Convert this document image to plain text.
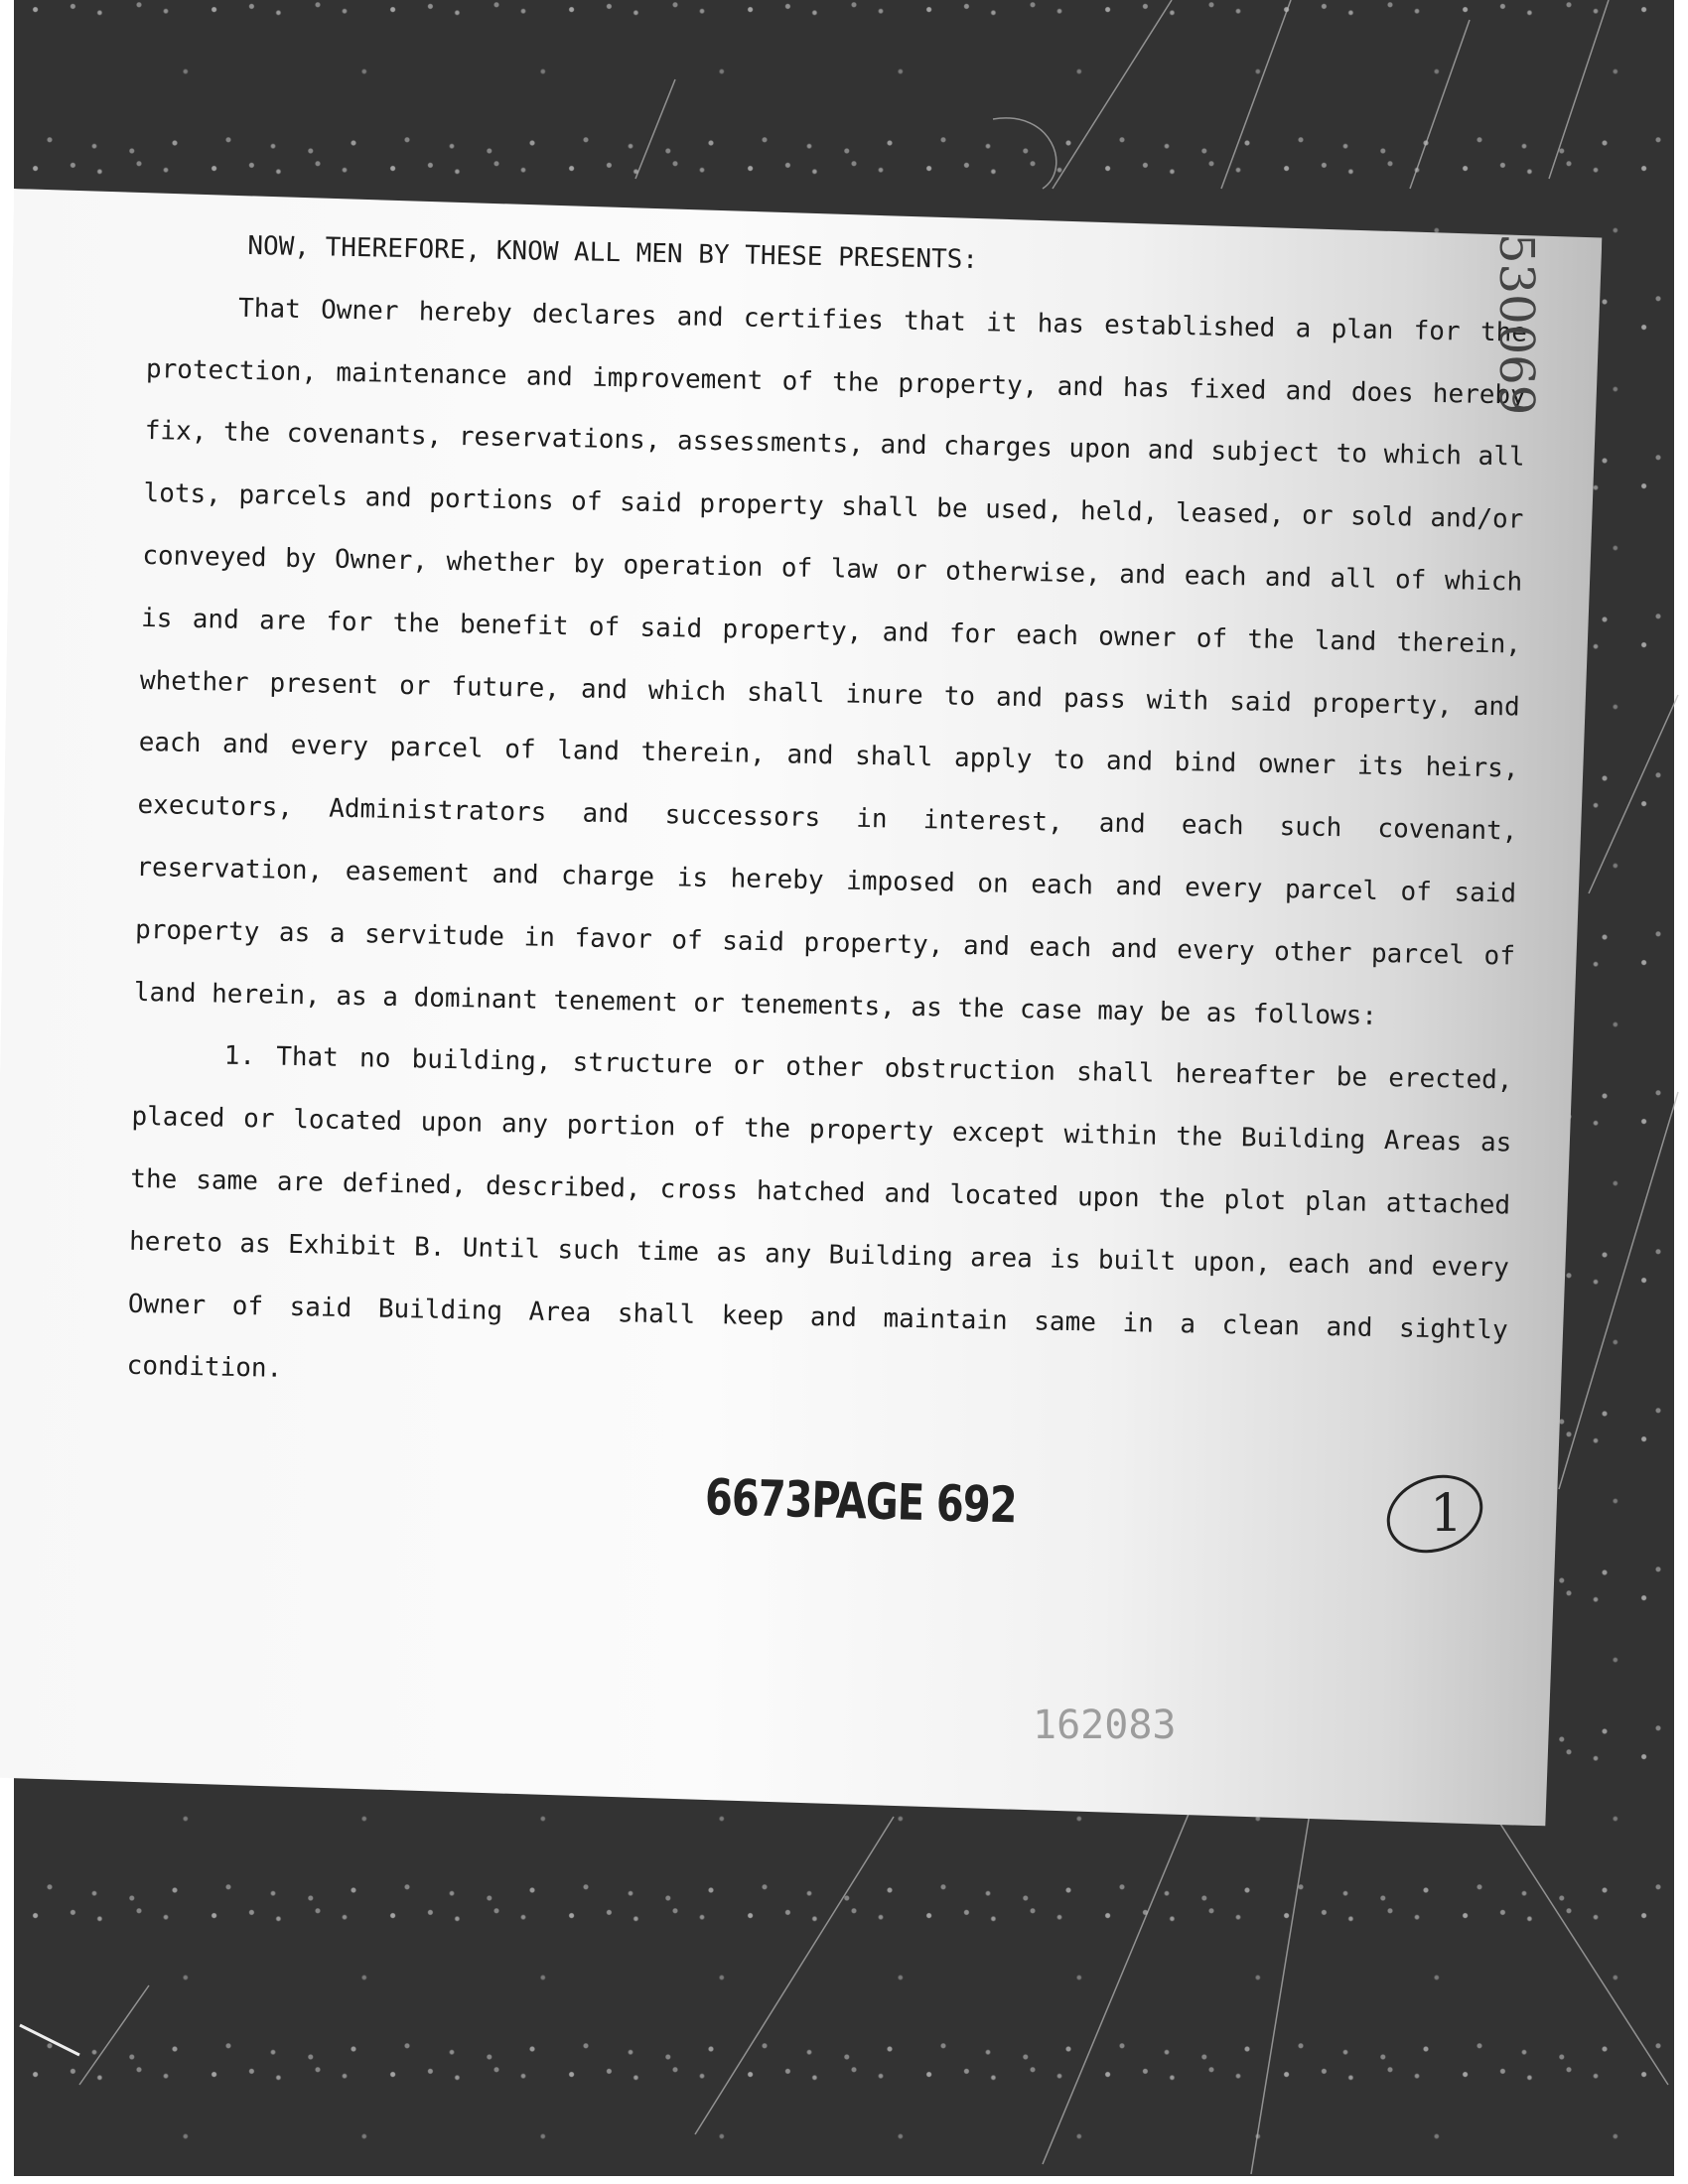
NOW, THEREFORE, KNOW ALL MEN BY THESE PRESENTS:

That Owner hereby declares and certifies that it has established a plan for the protection, maintenance and improvement of the property, and has fixed and does hereby fix, the covenants, reservations, assessments, and charges upon and subject to which all lots, parcels and portions of said property shall be used, held, leased, or sold and/or conveyed by Owner, whether by operation of law or otherwise, and each and all of which is and are for the benefit of said property, and for each owner of the land therein, whether present or future, and which shall inure to and pass with said property, and each and every parcel of land therein, and shall apply to and bind owner its heirs, executors, Administrators and successors in interest, and each such covenant, reservation, easement and charge is hereby imposed on each and every parcel of said property as a servitude in favor of said property, and each and every other parcel of land herein, as a dominant tenement or tenements, as the case may be as follows:

1. That no building, structure or other obstruction shall hereafter be erected, placed or located upon any portion of the property except within the Building Areas as the same are defined, described, cross hatched and located upon the plot plan attached hereto as Exhibit B. Until such time as any Building area is built upon, each and every Owner of said Building Area shall keep and maintain same in a clean and sightly condition.

530069
6673PAGE 692	1
162083
